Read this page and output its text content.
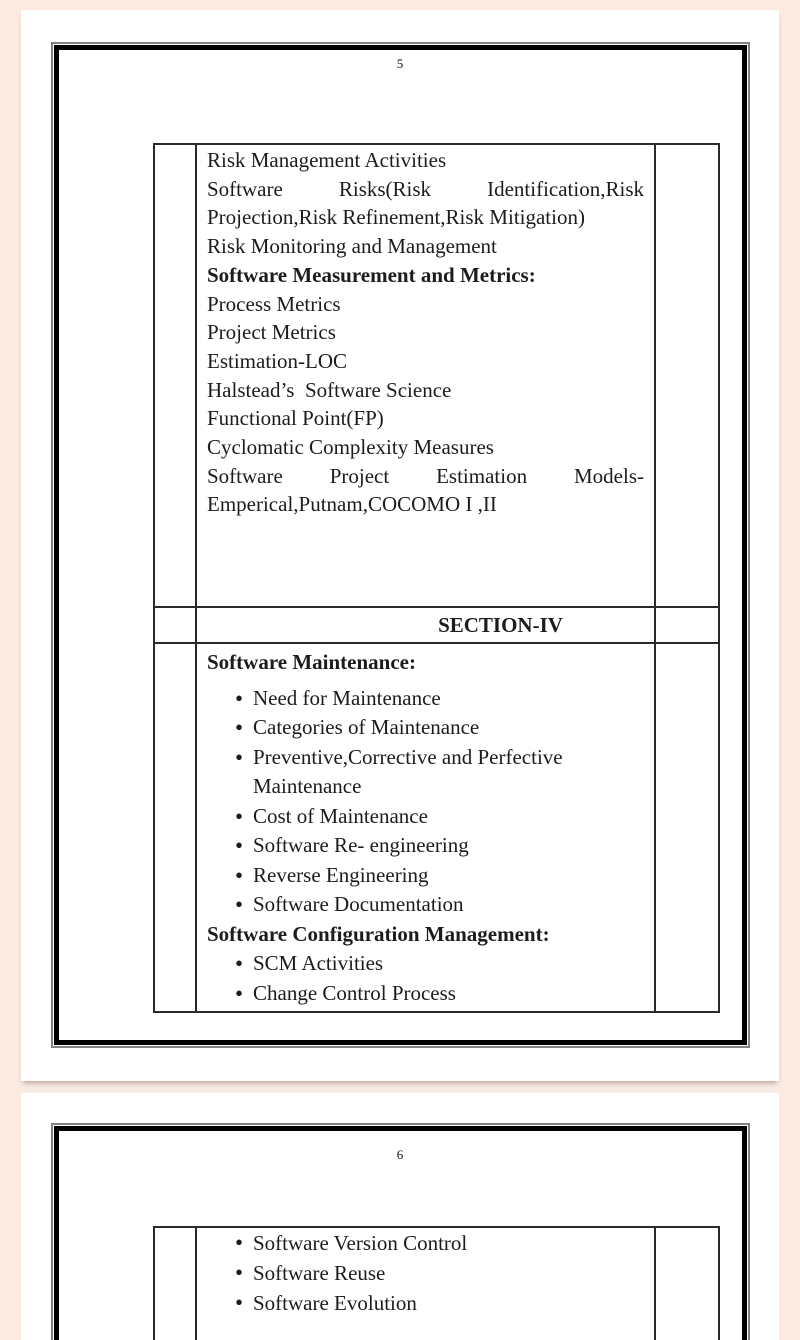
5
Risk Management Activities
Software Risks(Risk Identification,Risk
Projection,Risk Refinement,Risk Mitigation)
Risk Monitoring and Management
Software Measurement and Metrics:
Process Metrics
Project Metrics
Estimation-LOC
Halstead’s  Software Science
Functional Point(FP)
Cyclomatic Complexity Measures
Software Project Estimation Models-
Emperical,Putnam,COCOMO I ,II
SECTION-IV
Software Maintenance:
• Need for Maintenance
• Categories of Maintenance
• Preventive,Corrective and Perfective Maintenance
• Cost of Maintenance
• Software Re- engineering
• Reverse Engineering
• Software Documentation
Software Configuration Management:
• SCM Activities
• Change Control Process
6
• Software Version Control
• Software Reuse
• Software Evolution
